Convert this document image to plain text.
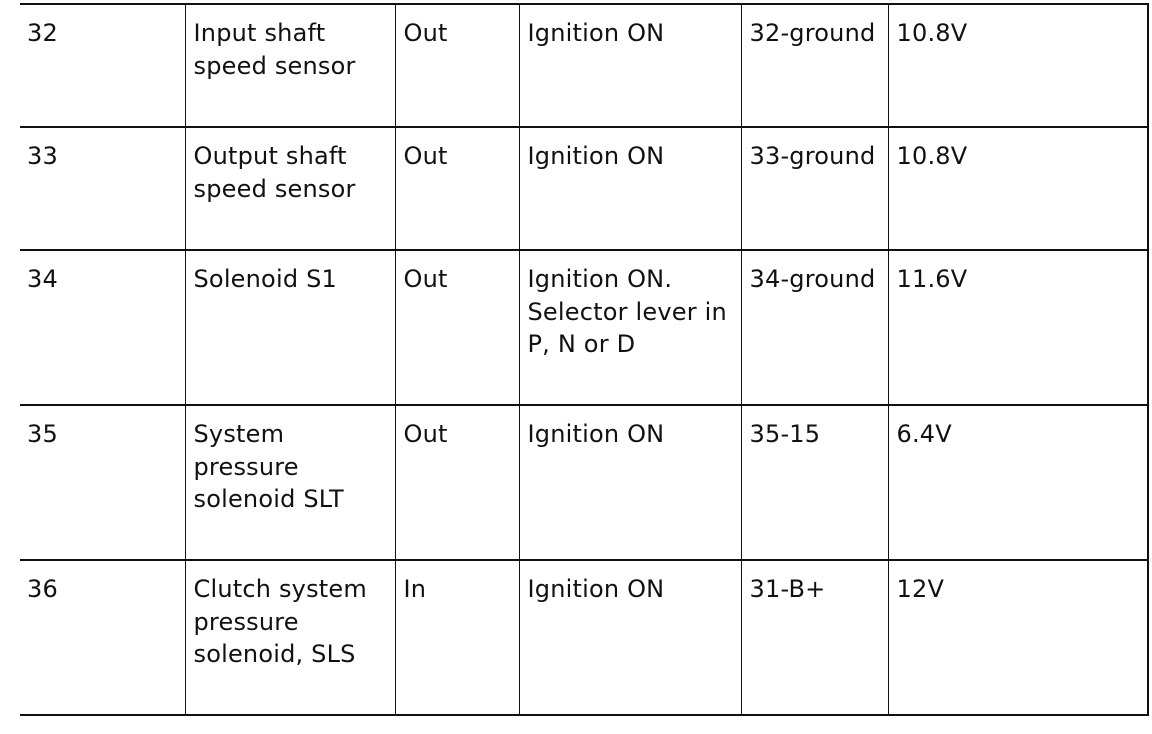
32	Input shaft speed sensor	Out	Ignition ON	32-ground	10.8V
33	Output shaft speed sensor	Out	Ignition ON	33-ground	10.8V
34	Solenoid S1	Out	Ignition ON. Selector lever in P, N or D	34-ground	11.6V
35	System pressure solenoid SLT	Out	Ignition ON	35-15	6.4V
36	Clutch system pressure solenoid, SLS	In	Ignition ON	31-B+	12V
